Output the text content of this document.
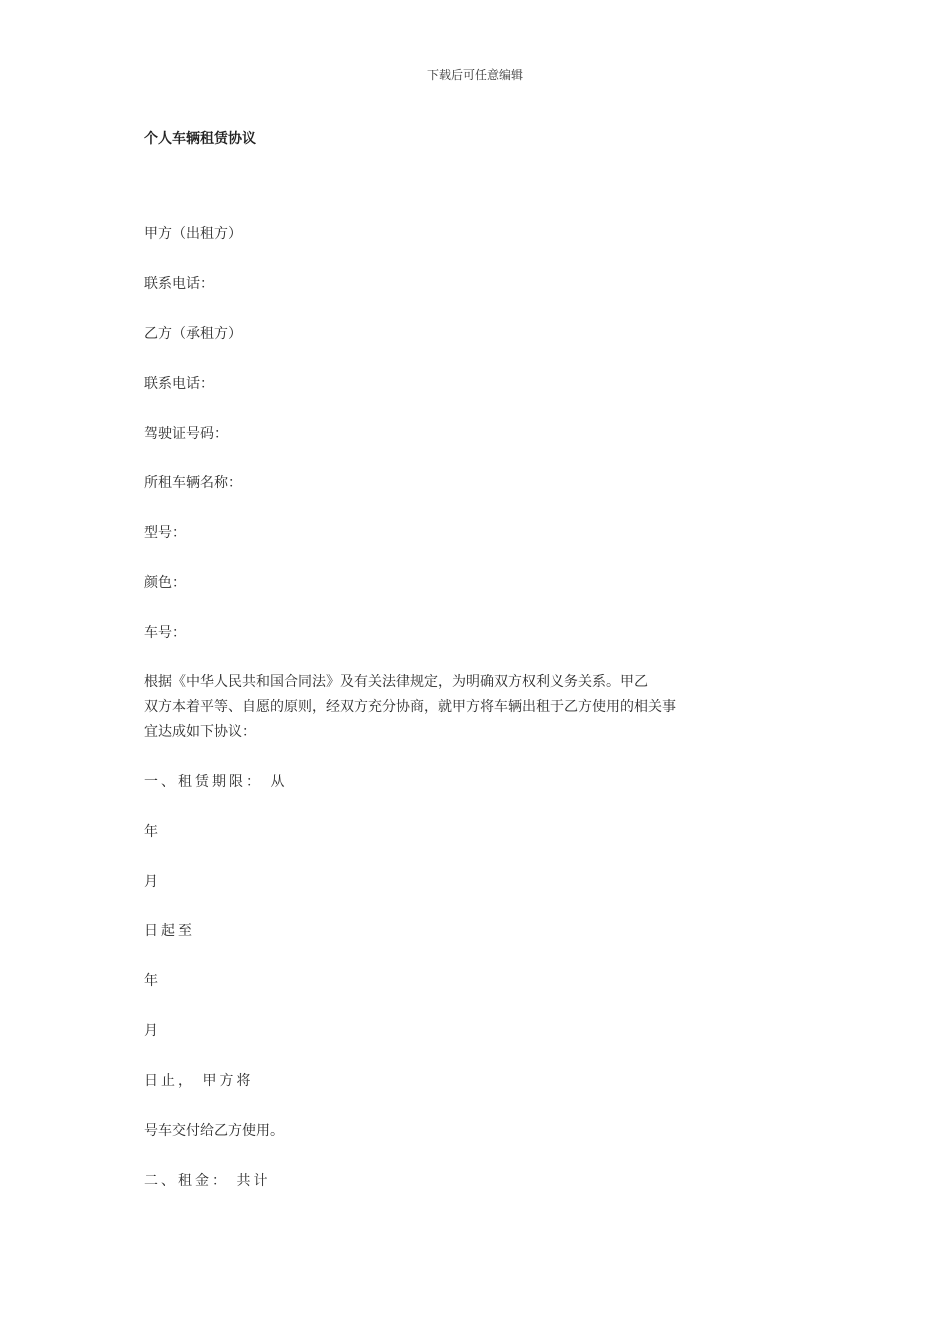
下载后可任意编辑
个人车辆租赁协议
甲方（出租方）
联系电话：
乙方（承租方）
联系电话：
驾驶证号码：
所租车辆名称：
型号：
颜色：
车号：
根据《中华人民共和国合同法》及有关法律规定，为明确双方权利义务关系。甲乙
双方本着平等、自愿的原则，经双方充分协商，就甲方将车辆出租于乙方使用的相关事
宜达成如下协议：
一、租赁期限： 从
年
月
日起至
年
月
日止， 甲方将
号车交付给乙方使用。
二、租金： 共计
